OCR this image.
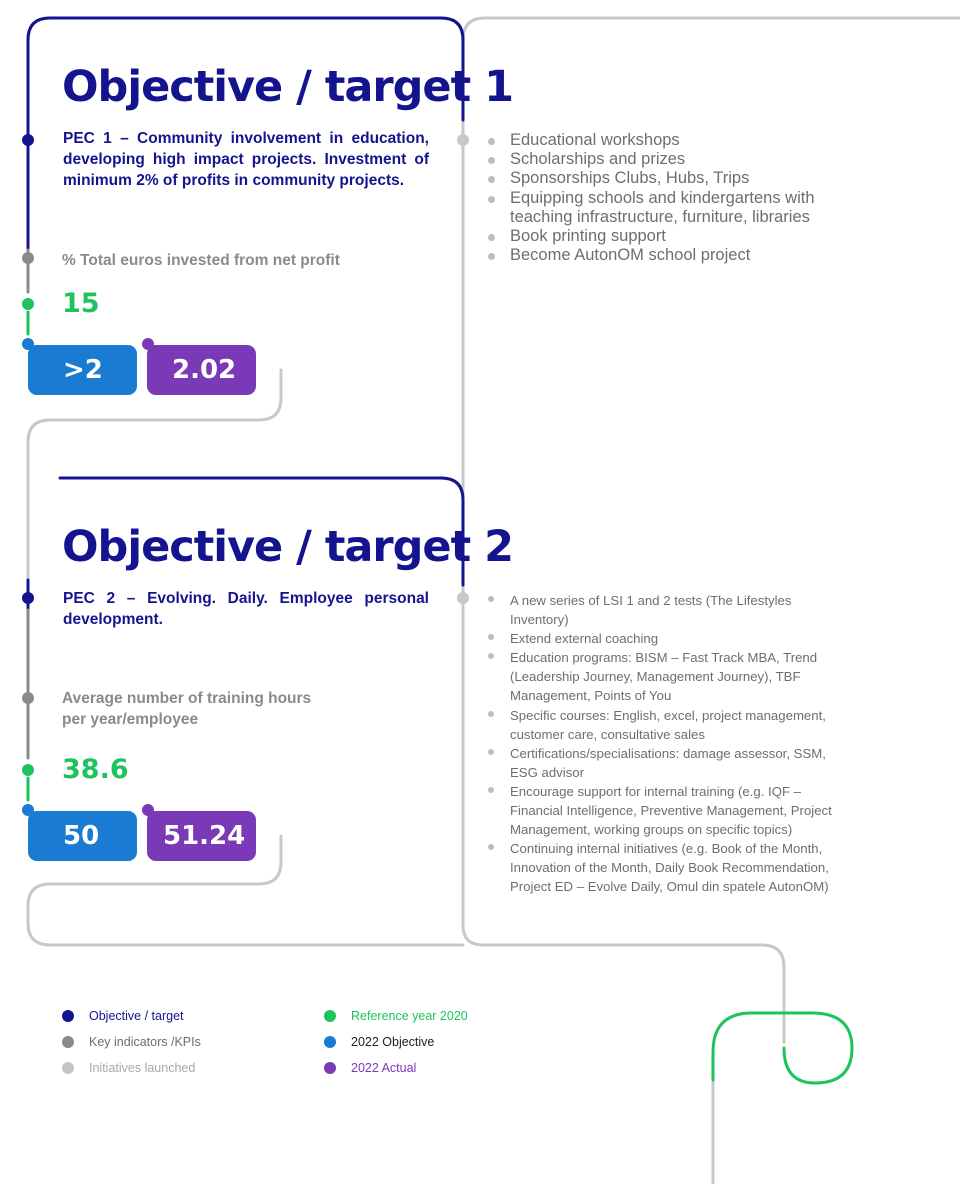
Objective / target 1

PEC 1 – Community involvement in education, developing high impact projects. Investment of minimum 2% of profits in community projects.

% Total euros invested from net profit

15

>2	2.02
Educational workshops
Scholarships and prizes
Sponsorships Clubs, Hubs, Trips
Equipping schools and kindergartens with teaching infrastructure, furniture, libraries
Book printing support
Become AutonOM school project
Objective / target 2

PEC 2 – Evolving. Daily. Employee personal development.

Average number of training hours per year/employee

38.6

50	51.24
A new series of LSI 1 and 2 tests (The Lifestyles Inventory)
Extend external coaching
Education programs: BISM – Fast Track MBA, Trend (Leadership Journey, Management Journey), TBF Management, Points of You
Specific courses: English, excel, project management, customer care, consultative sales
Certifications/specialisations: damage assessor, SSM, ESG advisor
Encourage support for internal training (e.g. IQF – Financial Intelligence, Preventive Management, Project Management, working groups on specific topics)
Continuing internal initiatives (e.g. Book of the Month, Innovation of the Month, Daily Book Recommendation, Project ED – Evolve Daily, Omul din spatele AutonOM)
Objective / target
Key indicators /KPIs
Initiatives launched
Reference year 2020
2022 Objective
2022 Actual
